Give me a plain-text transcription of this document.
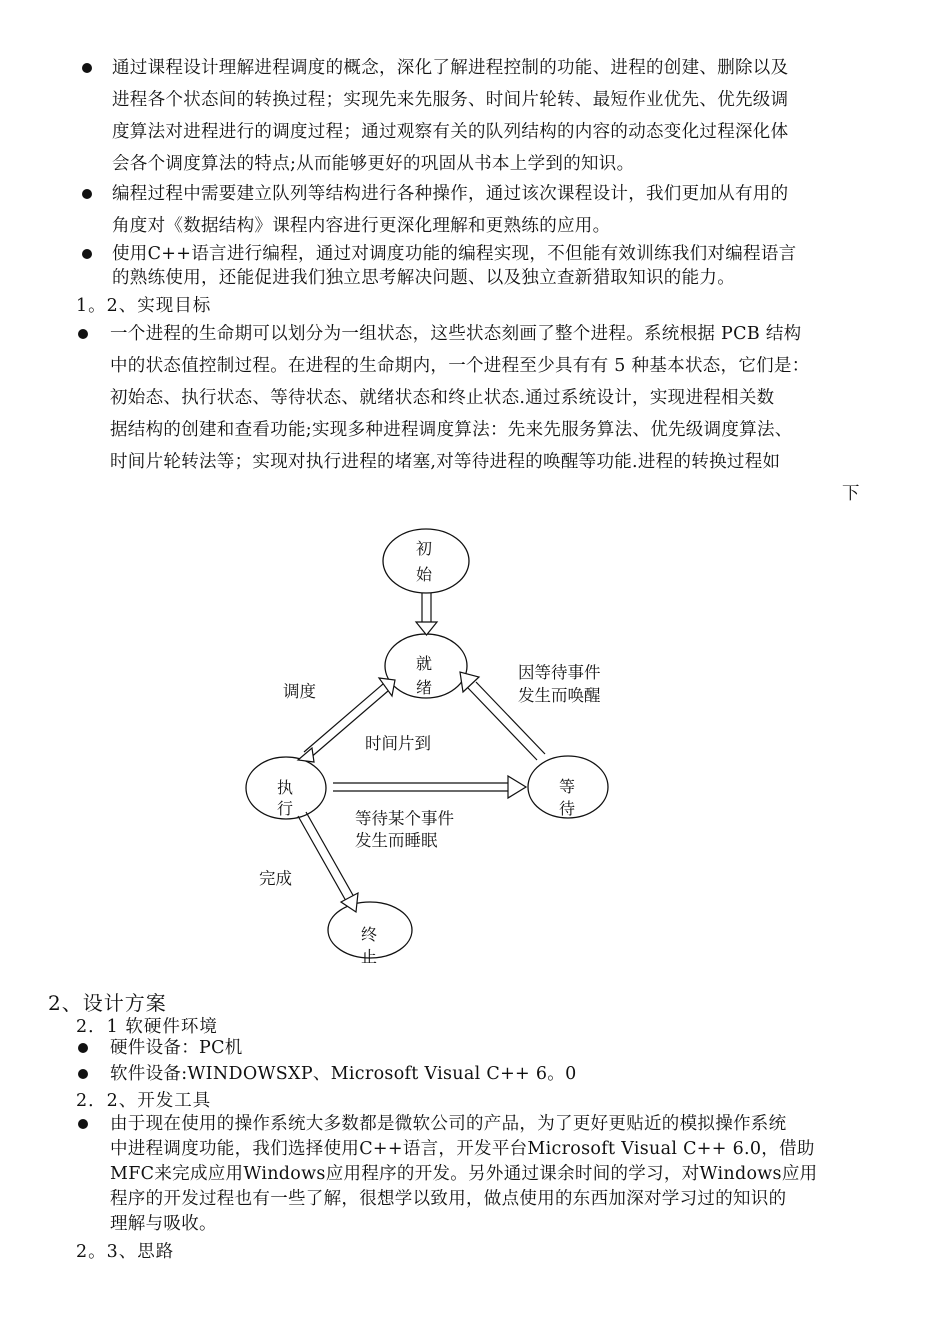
通过课程设计理解进程调度的概念，深化了解进程控制的功能、进程的创建、删除以及
进程各个状态间的转换过程；实现先来先服务、时间片轮转、最短作业优先、优先级调
度算法对进程进行的调度过程；通过观察有关的队列结构的内容的动态变化过程深化体
会各个调度算法的特点;从而能够更好的巩固从书本上学到的知识。
编程过程中需要建立队列等结构进行各种操作，通过该次课程设计，我们更加从有用的
角度对《数据结构》课程内容进行更深化理解和更熟练的应用。
使用C++语言进行编程，通过对调度功能的编程实现，不但能有效训练我们对编程语言
的熟练使用，还能促进我们独立思考解决问题、以及独立查新猎取知识的能力。
1。2、实现目标
一个进程的生命期可以划分为一组状态，这些状态刻画了整个进程。系统根据 PCB 结构
中的状态值控制过程。在进程的生命期内，一个进程至少具有有 5 种基本状态，它们是：
初始态、执行状态、等待状态、就绪状态和终止状态.通过系统设计，实现进程相关数
据结构的创建和查看功能;实现多种进程调度算法：先来先服务算法、优先级调度算法、
时间片轮转法等；实现对执行进程的堵塞,对等待进程的唤醒等功能.进程的转换过程如
下
初
始
就
绪
执
行
等
待
终
止
调度
因等待事件
发生而唤醒
时间片到
等待某个事件
发生而睡眠
完成
2、设计方案
2．1 软硬件环境
硬件设备：PC机
软件设备:WINDOWSXP、Microsoft Visual C++ 6。0
2．2、开发工具
由于现在使用的操作系统大多数都是微软公司的产品，为了更好更贴近的模拟操作系统
中进程调度功能，我们选择使用C++语言，开发平台Microsoft Visual C++ 6.0，借助
MFC来完成应用Windows应用程序的开发。另外通过课余时间的学习，对Windows应用
程序的开发过程也有一些了解，很想学以致用，做点使用的东西加深对学习过的知识的
理解与吸收。
2。3、思路
